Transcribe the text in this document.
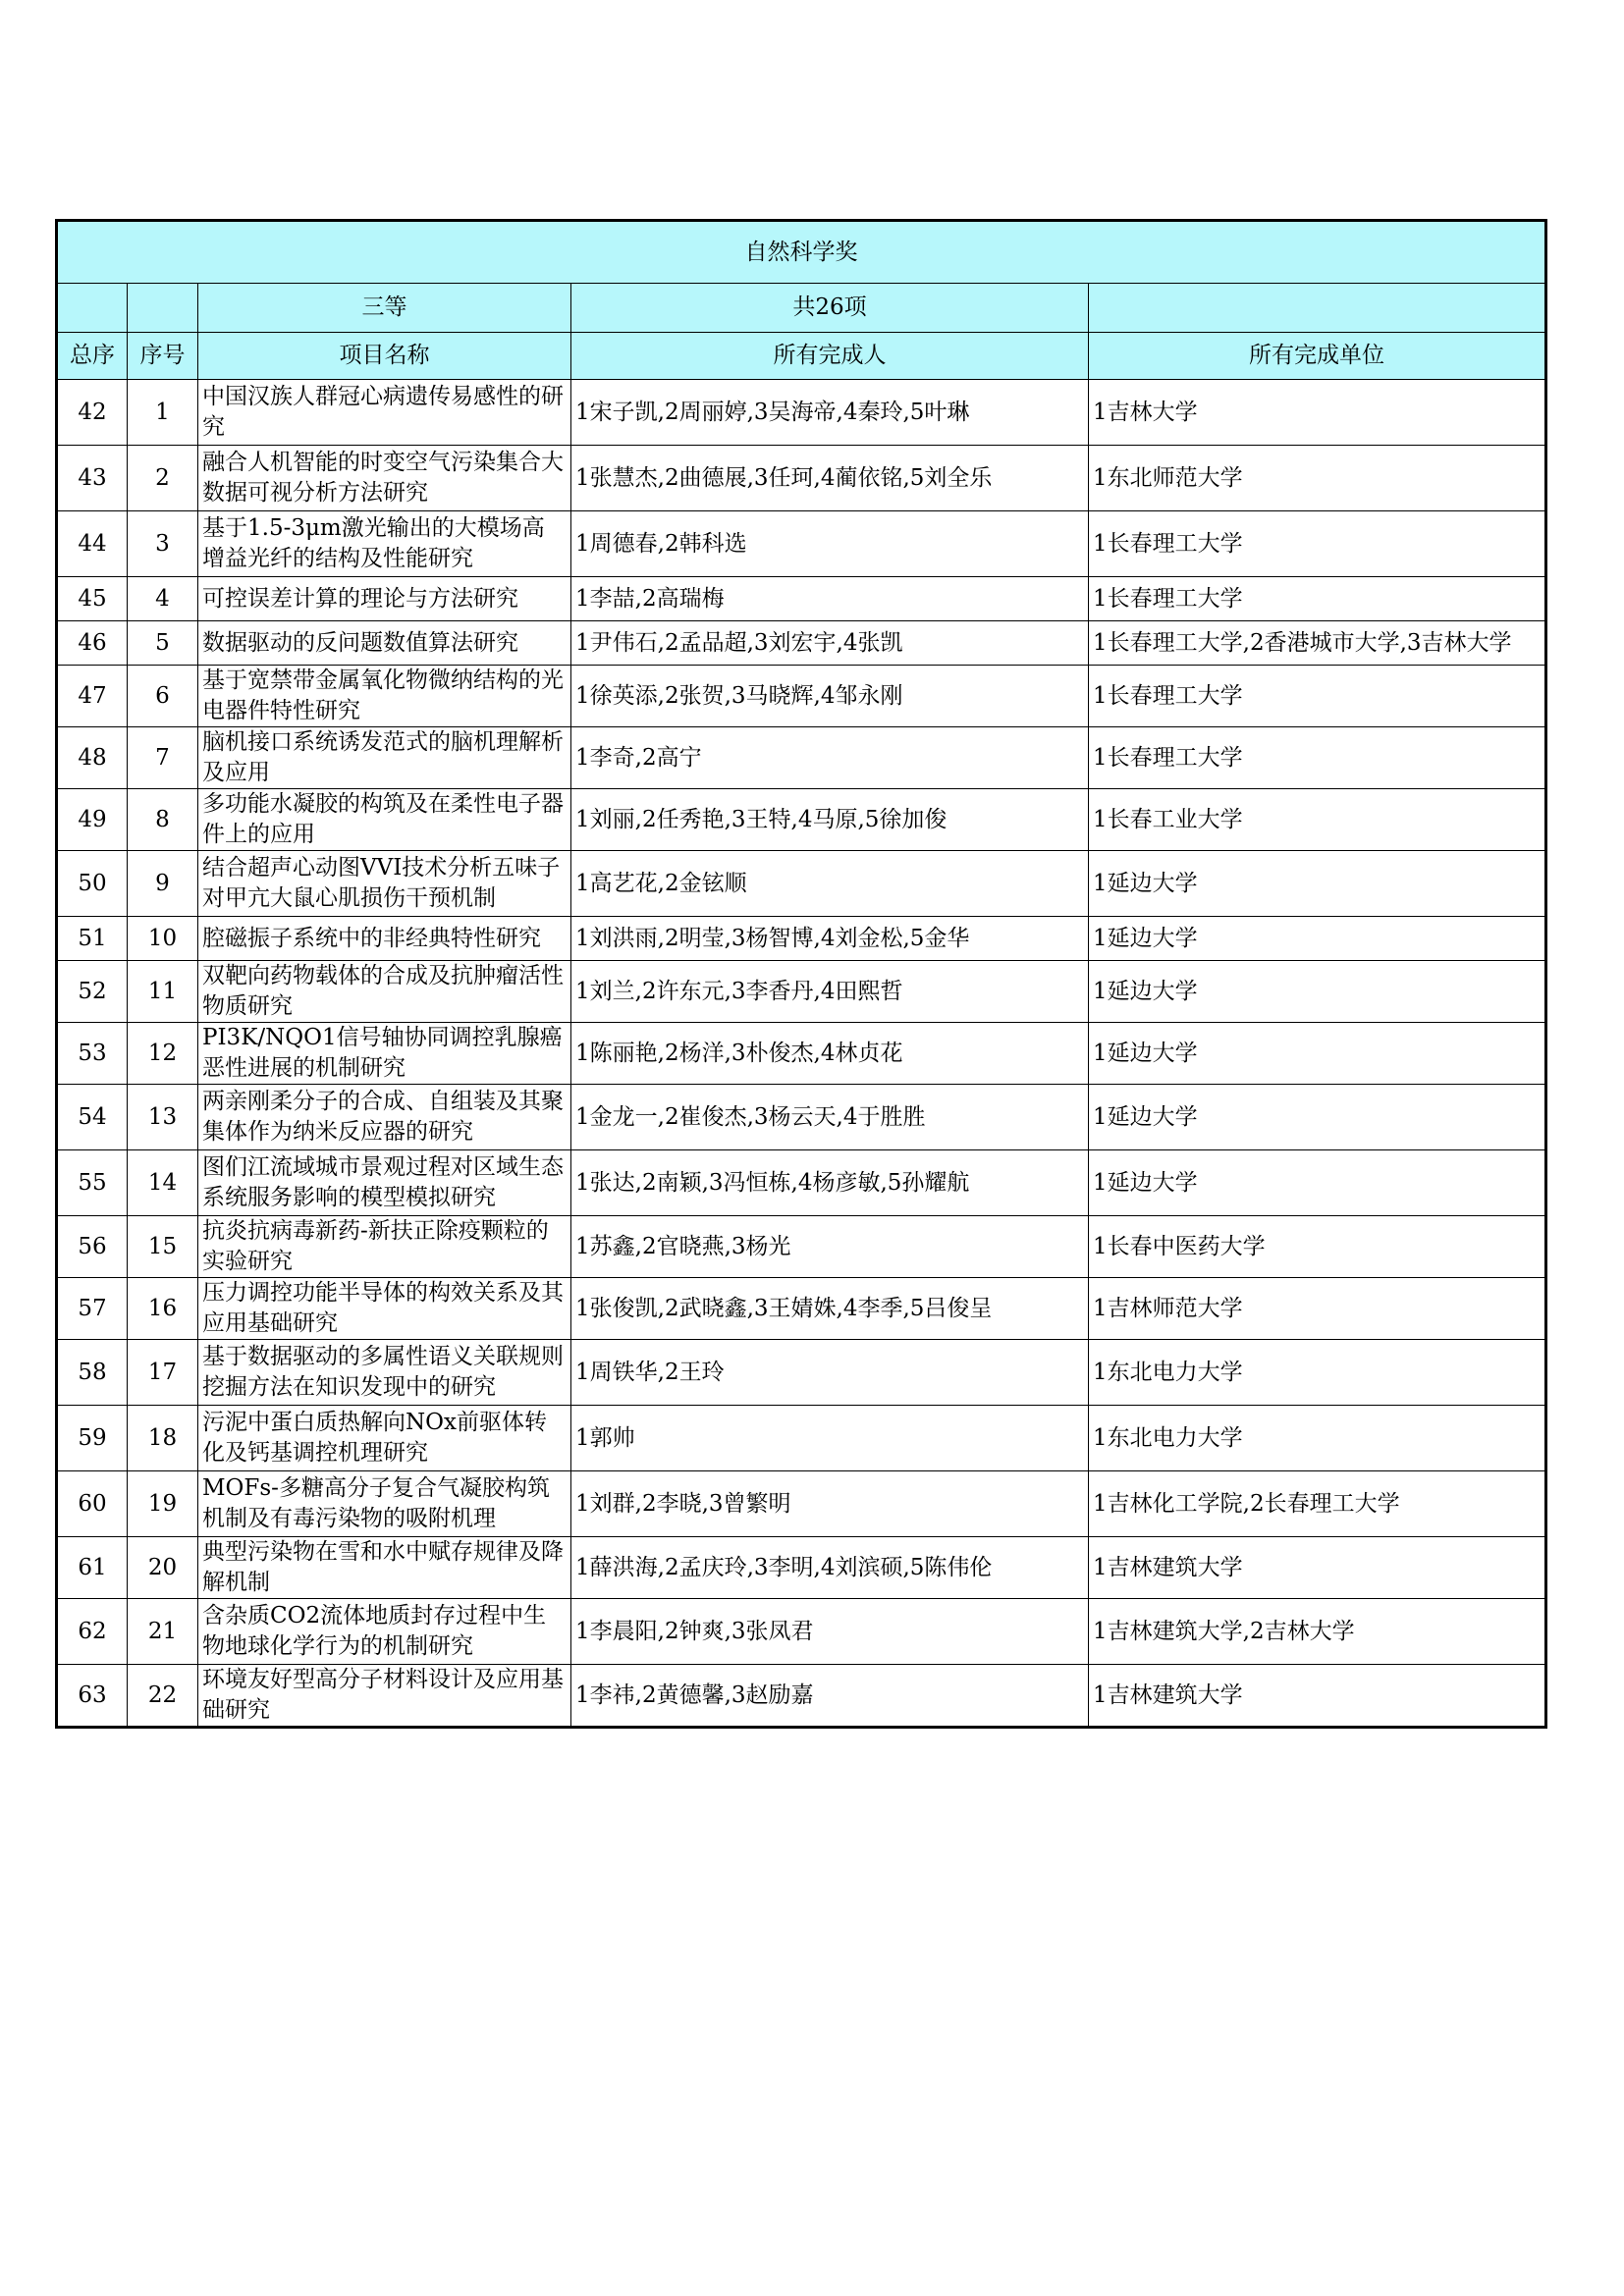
自然科学奖				
		三等	共26项	
总序	序号	项目名称	所有完成人	所有完成单位

42	1	中国汉族人群冠心病遗传易感性的研究	1宋子凯,2周丽婷,3吴海帝,4秦玲,5叶琳	1吉林大学

43	2	融合人机智能的时变空气污染集合大数据可视分析方法研究	1张慧杰,2曲德展,3任珂,4蔺依铭,5刘全乐	1东北师范大学

44	3	基于1.5-3μm激光输出的大模场高增益光纤的结构及性能研究	1周德春,2韩科选	1长春理工大学

45	4	可控误差计算的理论与方法研究	1李喆,2高瑞梅	1长春理工大学

46	5	数据驱动的反问题数值算法研究	1尹伟石,2孟品超,3刘宏宇,4张凯	1长春理工大学,2香港城市大学,3吉林大学

47	6	基于宽禁带金属氧化物微纳结构的光电器件特性研究	1徐英添,2张贺,3马晓辉,4邹永刚	1长春理工大学

48	7	脑机接口系统诱发范式的脑机理解析及应用	1李奇,2高宁	1长春理工大学

49	8	多功能水凝胶的构筑及在柔性电子器件上的应用	1刘丽,2任秀艳,3王特,4马原,5徐加俊	1长春工业大学

50	9	结合超声心动图VVI技术分析五味子对甲亢大鼠心肌损伤干预机制	1高艺花,2金铉顺	1延边大学

51	10	腔磁振子系统中的非经典特性研究	1刘洪雨,2明莹,3杨智博,4刘金松,5金华	1延边大学

52	11	双靶向药物载体的合成及抗肿瘤活性物质研究	1刘兰,2许东元,3李香丹,4田熙哲	1延边大学

53	12	PI3K/NQO1信号轴协同调控乳腺癌恶性进展的机制研究	1陈丽艳,2杨洋,3朴俊杰,4林贞花	1延边大学

54	13	两亲刚柔分子的合成、自组装及其聚集体作为纳米反应器的研究	1金龙一,2崔俊杰,3杨云天,4于胜胜	1延边大学

55	14	图们江流域城市景观过程对区域生态系统服务影响的模型模拟研究	1张达,2南颖,3冯恒栋,4杨彦敏,5孙耀航	1延边大学

56	15	抗炎抗病毒新药-新扶正除疫颗粒的实验研究	1苏鑫,2官晓燕,3杨光	1长春中医药大学

57	16	压力调控功能半导体的构效关系及其应用基础研究	1张俊凯,2武晓鑫,3王婧姝,4李季,5吕俊呈	1吉林师范大学

58	17	基于数据驱动的多属性语义关联规则挖掘方法在知识发现中的研究	1周铁华,2王玲	1东北电力大学

59	18	污泥中蛋白质热解向NOx前驱体转化及钙基调控机理研究	1郭帅	1东北电力大学

60	19	MOFs-多糖高分子复合气凝胶构筑机制及有毒污染物的吸附机理	1刘群,2李晓,3曾繁明	1吉林化工学院,2长春理工大学

61	20	典型污染物在雪和水中赋存规律及降解机制	1薛洪海,2孟庆玲,3李明,4刘滨硕,5陈伟伦	1吉林建筑大学

62	21	含杂质CO2流体地质封存过程中生物地球化学行为的机制研究	1李晨阳,2钟爽,3张凤君	1吉林建筑大学,2吉林大学

63	22	环境友好型高分子材料设计及应用基础研究	1李祎,2黄德馨,3赵励嘉	1吉林建筑大学
